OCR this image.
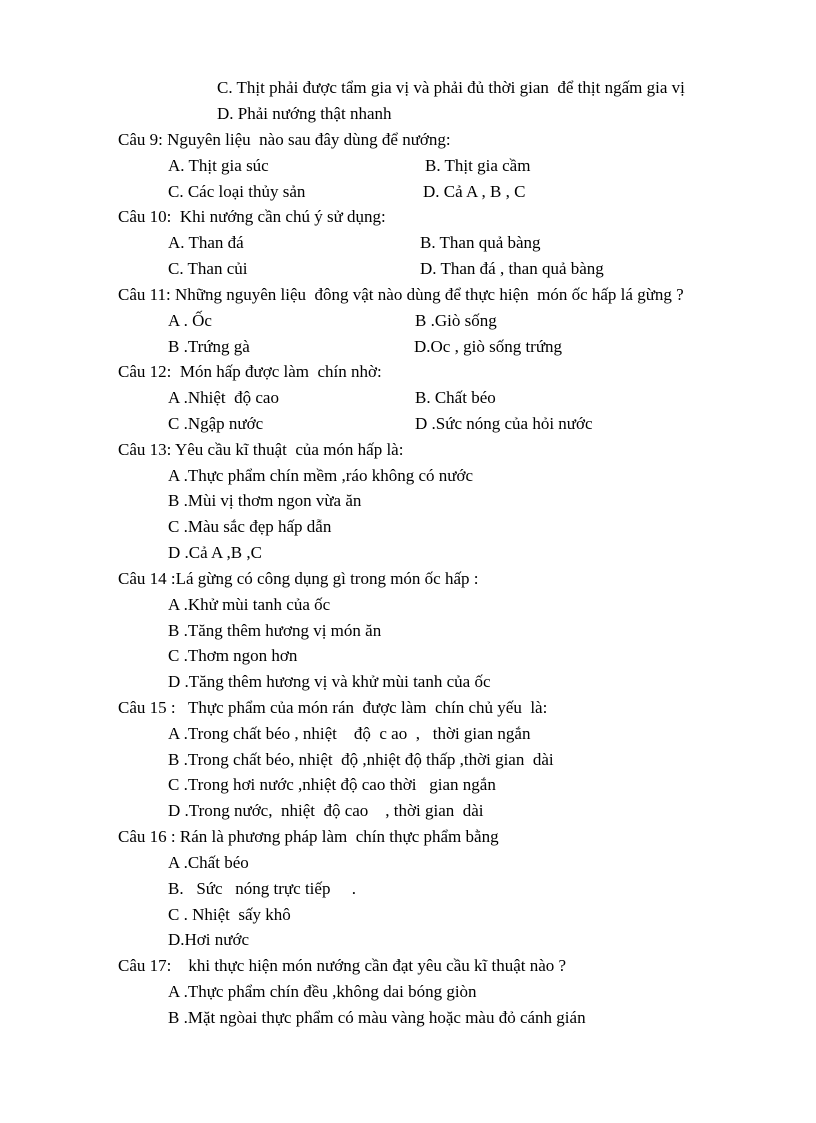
C. Thịt phải được tẩm gia vị và phải đủ thời gian  để thịt ngấm gia vị
D. Phải nướng thật nhanh
Câu 9: Nguyên liệu  nào sau đây dùng để nướng:
A. Thịt gia súc	B. Thịt gia cầm
C. Các loại thủy sản	D. Cả A , B , C
Câu 10:  Khi nướng cần chú ý sử dụng:
A. Than đá	B. Than quả bàng
C. Than củi	D. Than đá , than quả bàng
Câu 11: Những nguyên liệu  đông vật nào dùng để thực hiện  món ốc hấp lá gừng ?
A . Ốc	B .Giò sống
B .Trứng gà	D.Oc , giò sống trứng
Câu 12:  Món hấp được làm  chín nhờ:
A .Nhiệt  độ cao	B. Chất béo
C .Ngập nước	D .Sức nóng của hỏi nước
Câu 13: Yêu cầu kĩ thuật  của món hấp là:
A .Thực phẩm chín mềm ,ráo không có nước
B .Mùi vị thơm ngon vừa ăn
C .Màu sắc đẹp hấp dẫn
D .Cả A ,B ,C
Câu 14 :Lá gừng có công dụng gì trong món ốc hấp :
A .Khử mùi tanh của ốc
B .Tăng thêm hương vị món ăn
C .Thơm ngon hơn
D .Tăng thêm hương vị và khử mùi tanh của ốc
Câu 15 :   Thực phẩm của món rán  được làm  chín chủ yếu  là:
A .Trong chất béo , nhiệt    độ  c ao  ,   thời gian ngắn
B .Trong chất béo, nhiệt  độ ,nhiệt độ thấp ,thời gian  dài
C .Trong hơi nước ,nhiệt độ cao thời   gian ngắn
D .Trong nước,  nhiệt  độ cao    , thời gian  dài
Câu 16 : Rán là phương pháp làm  chín thực phẩm bằng
A .Chất béo
B.   Sức   nóng trực tiếp     .
C . Nhiệt  sấy khô
D.Hơi nước
Câu 17:    khi thực hiện món nướng cần đạt yêu cầu kĩ thuật nào ?
A .Thực phẩm chín đều ,không dai bóng giòn
B .Mặt ngòai thực phẩm có màu vàng hoặc màu đỏ cánh gián
